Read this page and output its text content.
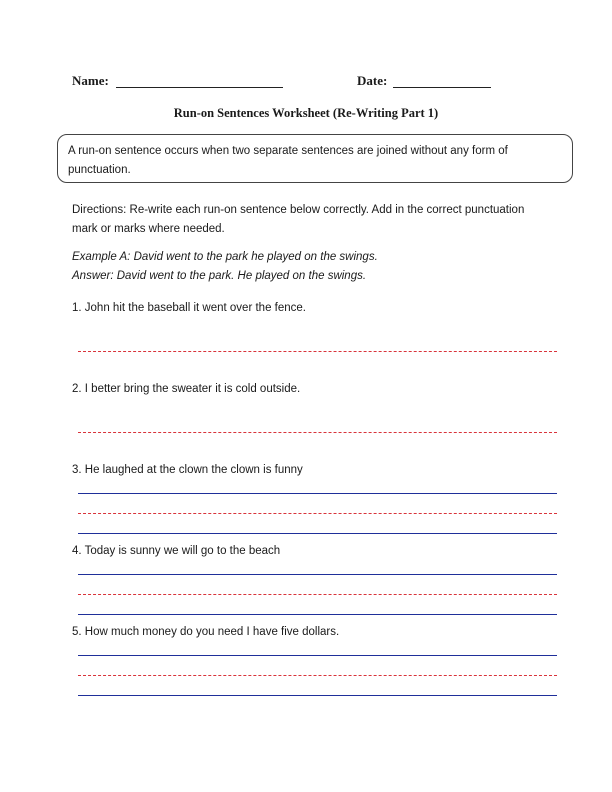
Name:	Date:
Run-on Sentences Worksheet (Re-Writing Part 1)
A run-on sentence occurs when two separate sentences are joined without any form of punctuation.
Directions: Re-write each run-on sentence below correctly. Add in the correct punctuation mark or marks where needed.
Example A: David went to the park he played on the swings.
Answer: David went to the park. He played on the swings.
1. John hit the baseball it went over the fence.
2. I better bring the sweater it is cold outside.
3. He laughed at the clown the clown is funny
4. Today is sunny we will go to the beach
5. How much money do you need I have five dollars.
